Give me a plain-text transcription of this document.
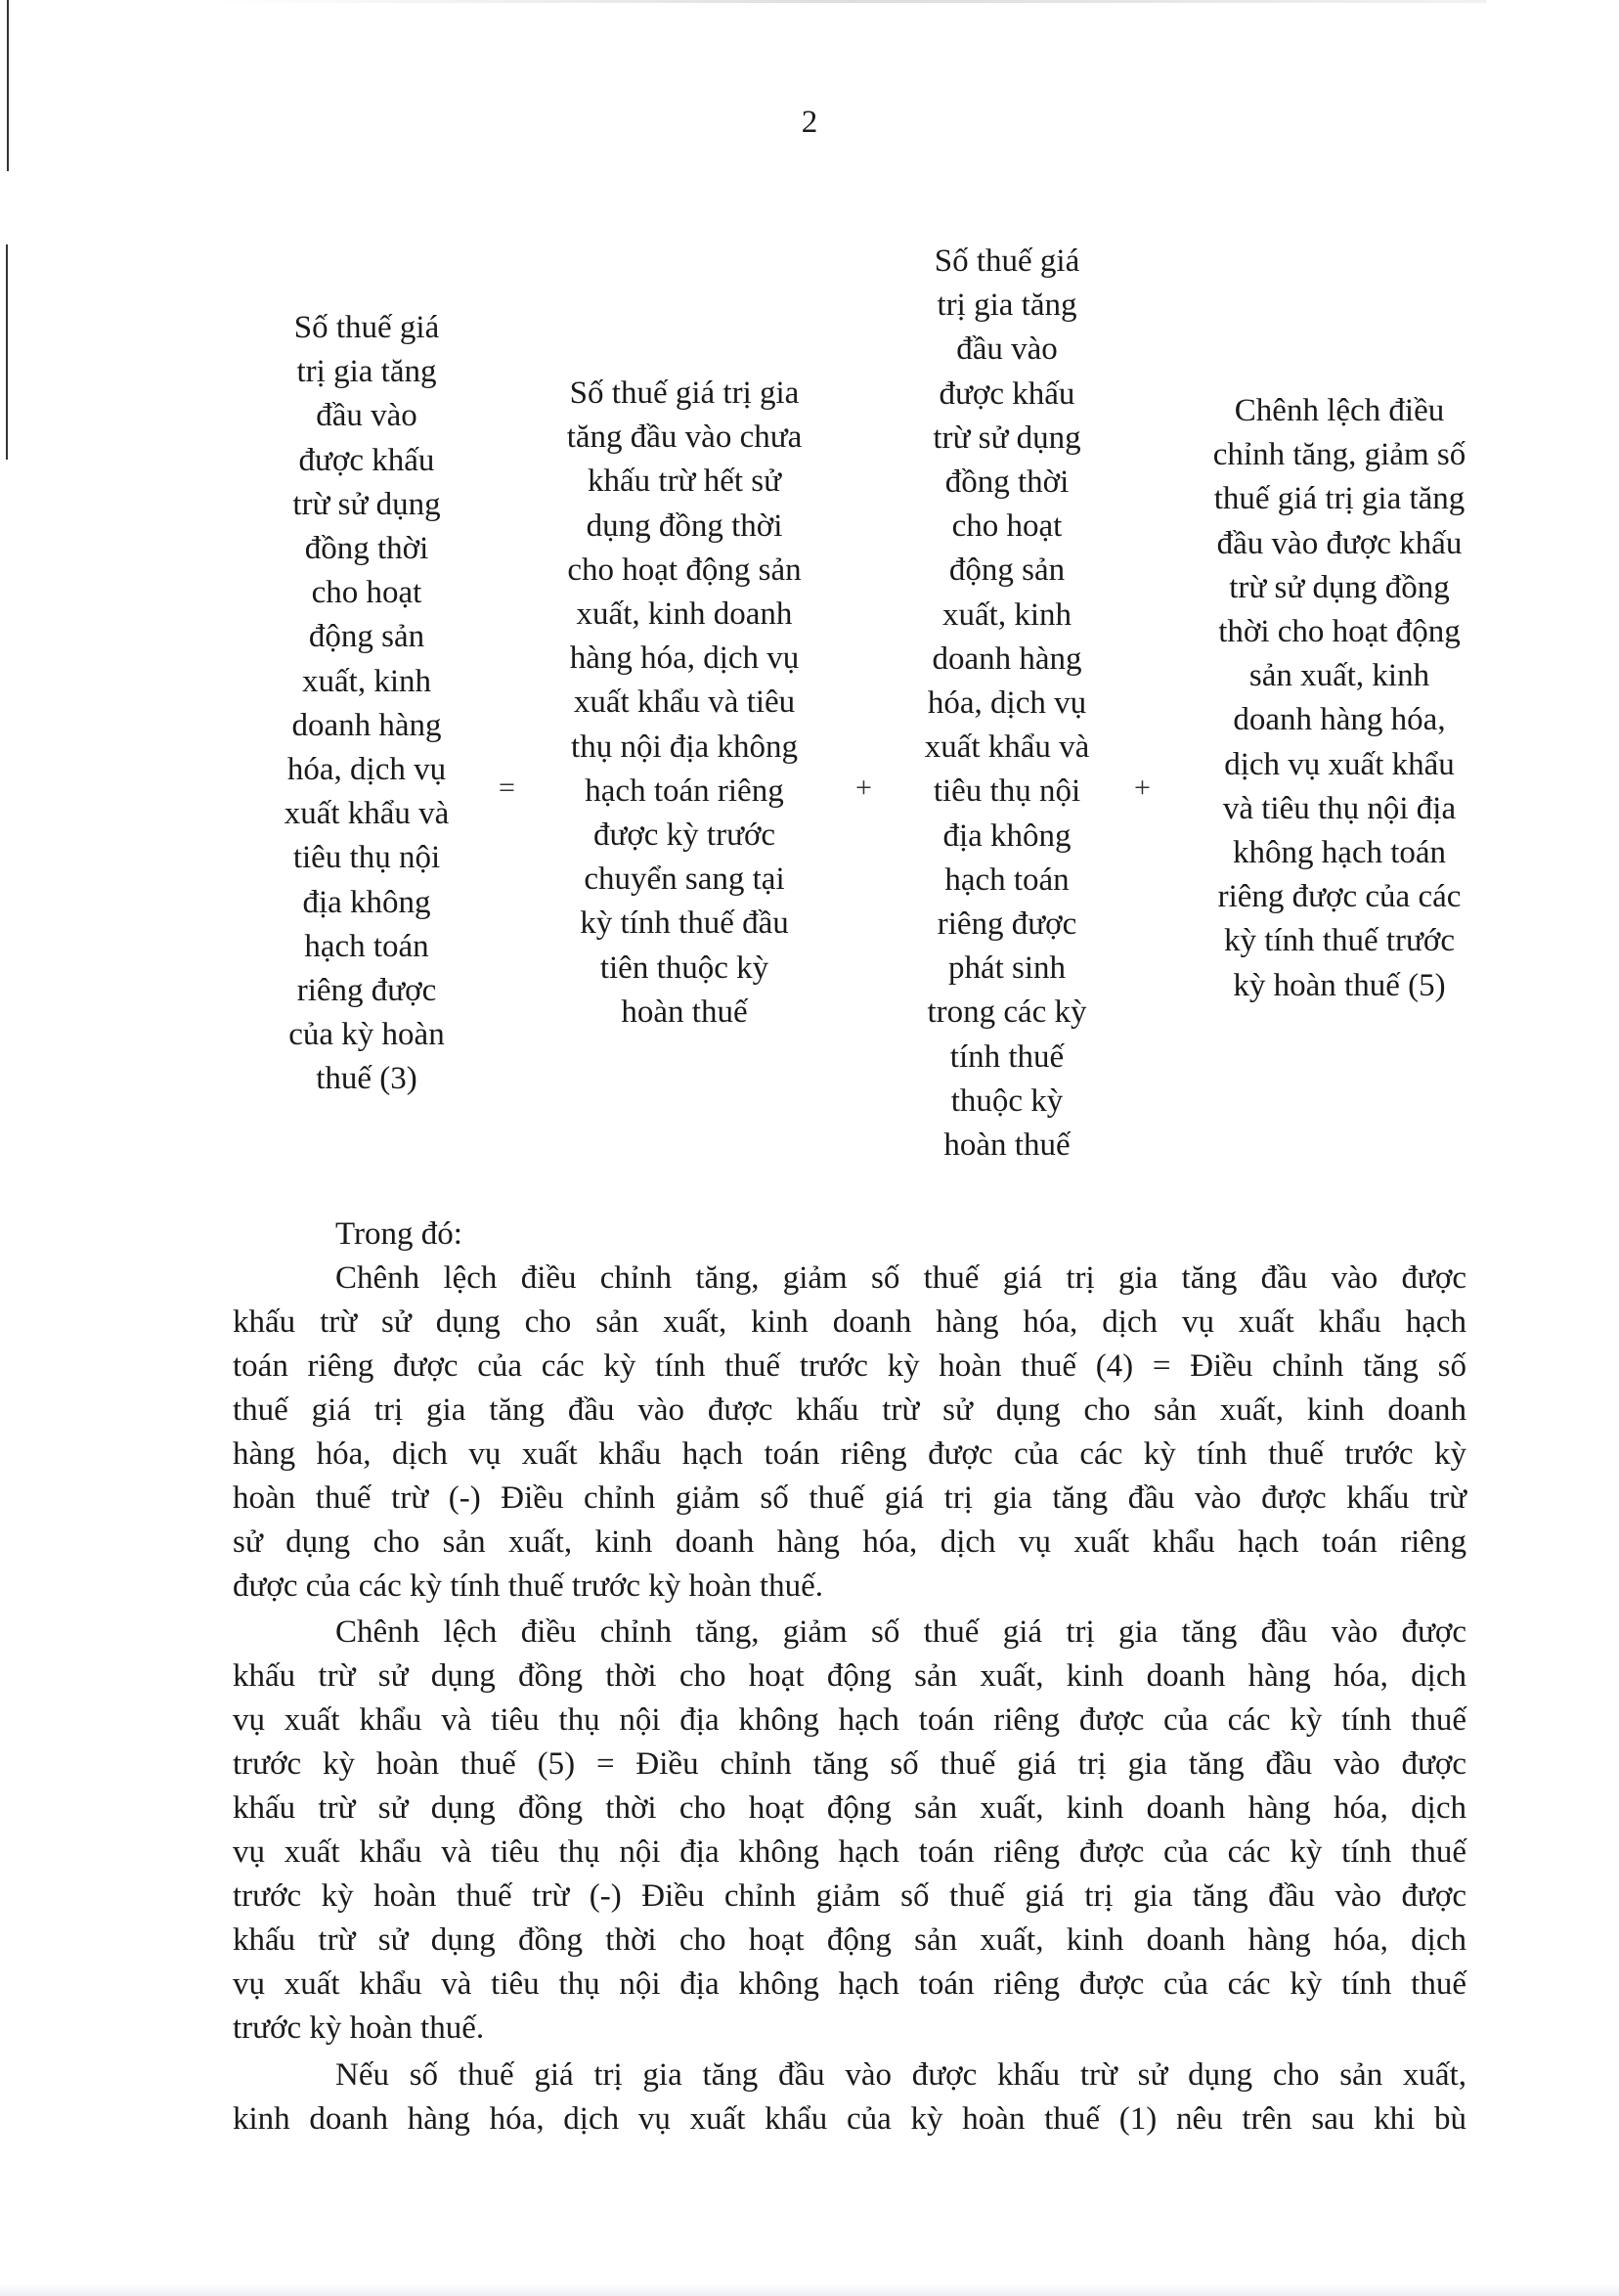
2
Số thuế giá
trị gia tăng
đầu vào
được khấu
trừ sử dụng
đồng thời
cho hoạt
động sản
xuất, kinh
doanh hàng
hóa, dịch vụ
xuất khẩu và
tiêu thụ nội
địa không
hạch toán
riêng được
của kỳ hoàn
thuế (3)
=
Số thuế giá trị gia
tăng đầu vào chưa
khấu trừ hết sử
dụng đồng thời
cho hoạt động sản
xuất, kinh doanh
hàng hóa, dịch vụ
xuất khẩu và tiêu
thụ nội địa không
hạch toán riêng
được kỳ trước
chuyển sang tại
kỳ tính thuế đầu
tiên thuộc kỳ
hoàn thuế
+
Số thuế giá
trị gia tăng
đầu vào
được khấu
trừ sử dụng
đồng thời
cho hoạt
động sản
xuất, kinh
doanh hàng
hóa, dịch vụ
xuất khẩu và
tiêu thụ nội
địa không
hạch toán
riêng được
phát sinh
trong các kỳ
tính thuế
thuộc kỳ
hoàn thuế
+
Chênh lệch điều
chỉnh tăng, giảm số
thuế giá trị gia tăng
đầu vào được khấu
trừ sử dụng đồng
thời cho hoạt động
sản xuất, kinh
doanh hàng hóa,
dịch vụ xuất khẩu
và tiêu thụ nội địa
không hạch toán
riêng được của các
kỳ tính thuế trước
kỳ hoàn thuế (5)
Trong đó:
Chênh lệch điều chỉnh tăng, giảm số thuế giá trị gia tăng đầu vào được
khấu trừ sử dụng cho sản xuất, kinh doanh hàng hóa, dịch vụ xuất khẩu hạch
toán riêng được của các kỳ tính thuế trước kỳ hoàn thuế (4) = Điều chỉnh tăng số
thuế giá trị gia tăng đầu vào được khấu trừ sử dụng cho sản xuất, kinh doanh
hàng hóa, dịch vụ xuất khẩu hạch toán riêng được của các kỳ tính thuế trước kỳ
hoàn thuế trừ (-) Điều chỉnh giảm số thuế giá trị gia tăng đầu vào được khấu trừ
sử dụng cho sản xuất, kinh doanh hàng hóa, dịch vụ xuất khẩu hạch toán riêng
được của các kỳ tính thuế trước kỳ hoàn thuế.
Chênh lệch điều chỉnh tăng, giảm số thuế giá trị gia tăng đầu vào được
khấu trừ sử dụng đồng thời cho hoạt động sản xuất, kinh doanh hàng hóa, dịch
vụ xuất khẩu và tiêu thụ nội địa không hạch toán riêng được của các kỳ tính thuế
trước kỳ hoàn thuế (5) = Điều chỉnh tăng số thuế giá trị gia tăng đầu vào được
khấu trừ sử dụng đồng thời cho hoạt động sản xuất, kinh doanh hàng hóa, dịch
vụ xuất khẩu và tiêu thụ nội địa không hạch toán riêng được của các kỳ tính thuế
trước kỳ hoàn thuế trừ (-) Điều chỉnh giảm số thuế giá trị gia tăng đầu vào được
khấu trừ sử dụng đồng thời cho hoạt động sản xuất, kinh doanh hàng hóa, dịch
vụ xuất khẩu và tiêu thụ nội địa không hạch toán riêng được của các kỳ tính thuế
trước kỳ hoàn thuế.
Nếu số thuế giá trị gia tăng đầu vào được khấu trừ sử dụng cho sản xuất,
kinh doanh hàng hóa, dịch vụ xuất khẩu của kỳ hoàn thuế (1) nêu trên sau khi bù
